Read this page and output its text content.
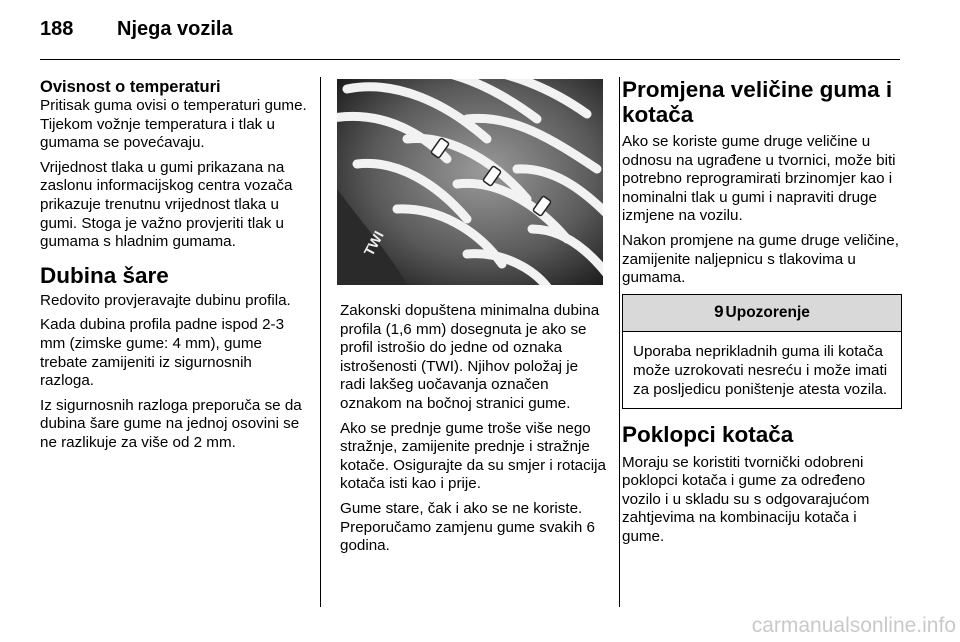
188 Njega vozila
Ovisnost o temperaturi

Pritisak guma ovisi o temperaturi gume. Tijekom vožnje temperatura i tlak u gumama se povećavaju.

Vrijednost tlaka u gumi prikazana na zaslonu informacijskog centra vozača prikazuje trenutnu vrijednost tlaka u gumi. Stoga je važno provjeriti tlak u gumama s hladnim gumama.

Dubina šare

Redovito provjeravajte dubinu profila.

Kada dubina profila padne ispod 2-3 mm (zimske gume: 4 mm), gume trebate zamijeniti iz sigurnosnih razloga.

Iz sigurnosnih razloga preporuča se da dubina šare gume na jednoj osovini se ne razlikuje za više od 2 mm.

TWI

Zakonski dopuštena minimalna dubina profila (1,6 mm) dosegnuta je ako se profil istrošio do jedne od oznaka istrošenosti (TWI). Njihov položaj je radi lakšeg uočavanja označen oznakom na bočnoj stranici gume.

Ako se prednje gume troše više nego stražnje, zamijenite prednje i stražnje kotače. Osigurajte da su smjer i rotacija kotača isti kao i prije.

Gume stare, čak i ako se ne koriste. Preporučamo zamjenu gume svakih 6 godina.

Promjena veličine guma i kotača

Ako se koriste gume druge veličine u odnosu na ugrađene u tvornici, može biti potrebno reprogramirati brzinomjer kao i nominalni tlak u gumi i napraviti druge izmjene na vozilu.

Nakon promjene na gume druge veličine, zamijenite naljepnicu s tlakovima u gumama.

9 Upozorenje
Uporaba neprikladnih guma ili kotača može uzrokovati nesreću i može imati za posljedicu poništenje atesta vozila.
Poklopci kotača

Moraju se koristiti tvornički odobreni poklopci kotača i gume za određeno vozilo i u skladu su s odgovarajućom zahtjevima na kombinaciju kotača i gume.

carmanualsonline.info
